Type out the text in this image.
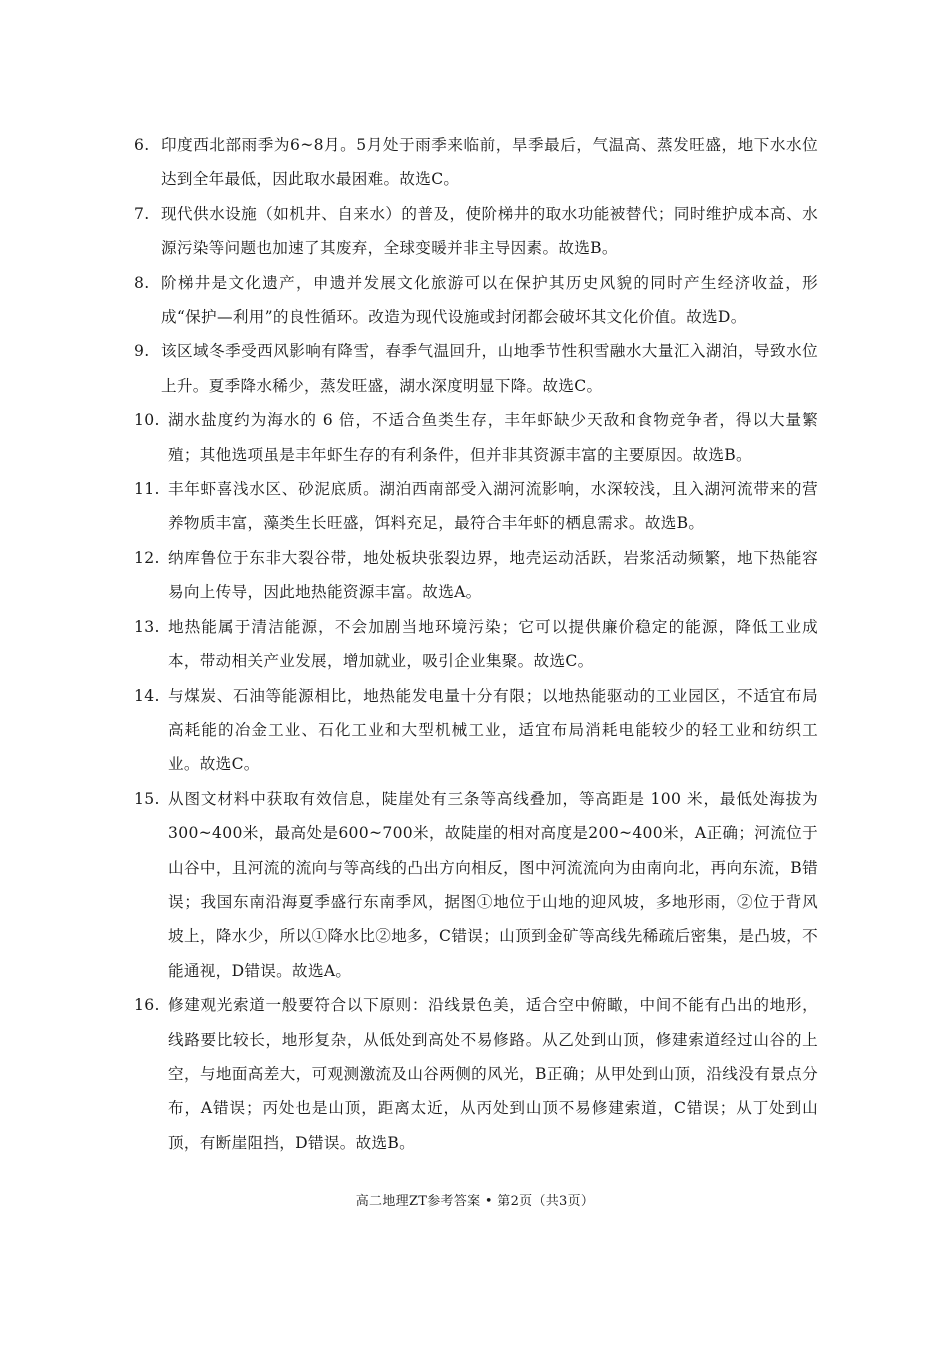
6. 印度西北部雨季为6~8月。5月处于雨季来临前，旱季最后，气温高、蒸发旺盛，地下水水位达到全年最低，因此取水最困难。故选C。
7. 现代供水设施（如机井、自来水）的普及，使阶梯井的取水功能被替代；同时维护成本高、水源污染等问题也加速了其废弃，全球变暖并非主导因素。故选B。
8. 阶梯井是文化遗产，申遗并发展文化旅游可以在保护其历史风貌的同时产生经济收益，形成“保护—利用”的良性循环。改造为现代设施或封闭都会破坏其文化价值。故选D。
9. 该区域冬季受西风影响有降雪，春季气温回升，山地季节性积雪融水大量汇入湖泊，导致水位上升。夏季降水稀少，蒸发旺盛，湖水深度明显下降。故选C。
10. 湖水盐度约为海水的 6 倍，不适合鱼类生存，丰年虾缺少天敌和食物竞争者，得以大量繁殖；其他选项虽是丰年虾生存的有利条件，但并非其资源丰富的主要原因。故选B。
11. 丰年虾喜浅水区、砂泥底质。湖泊西南部受入湖河流影响，水深较浅，且入湖河流带来的营养物质丰富，藻类生长旺盛，饵料充足，最符合丰年虾的栖息需求。故选B。
12. 纳库鲁位于东非大裂谷带，地处板块张裂边界，地壳运动活跃，岩浆活动频繁，地下热能容易向上传导，因此地热能资源丰富。故选A。
13. 地热能属于清洁能源，不会加剧当地环境污染；它可以提供廉价稳定的能源，降低工业成本，带动相关产业发展，增加就业，吸引企业集聚。故选C。
14. 与煤炭、石油等能源相比，地热能发电量十分有限；以地热能驱动的工业园区，不适宜布局高耗能的冶金工业、石化工业和大型机械工业，适宜布局消耗电能较少的轻工业和纺织工业。故选C。
15. 从图文材料中获取有效信息，陡崖处有三条等高线叠加，等高距是 100 米，最低处海拔为300~400米，最高处是600~700米，故陡崖的相对高度是200~400米，A正确；河流位于山谷中，且河流的流向与等高线的凸出方向相反，图中河流流向为由南向北，再向东流，B错误；我国东南沿海夏季盛行东南季风，据图①地位于山地的迎风坡，多地形雨，②位于背风坡上，降水少，所以①降水比②地多，C错误；山顶到金矿等高线先稀疏后密集，是凸坡，不能通视，D错误。故选A。
16. 修建观光索道一般要符合以下原则：沿线景色美，适合空中俯瞰，中间不能有凸出的地形，线路要比较长，地形复杂，从低处到高处不易修路。从乙处到山顶，修建索道经过山谷的上空，与地面高差大，可观测激流及山谷两侧的风光，B正确；从甲处到山顶，沿线没有景点分布，A错误；丙处也是山顶，距离太近，从丙处到山顶不易修建索道，C错误；从丁处到山顶，有断崖阻挡，D错误。故选B。
高二地理ZT参考答案 • 第2页（共3页）
